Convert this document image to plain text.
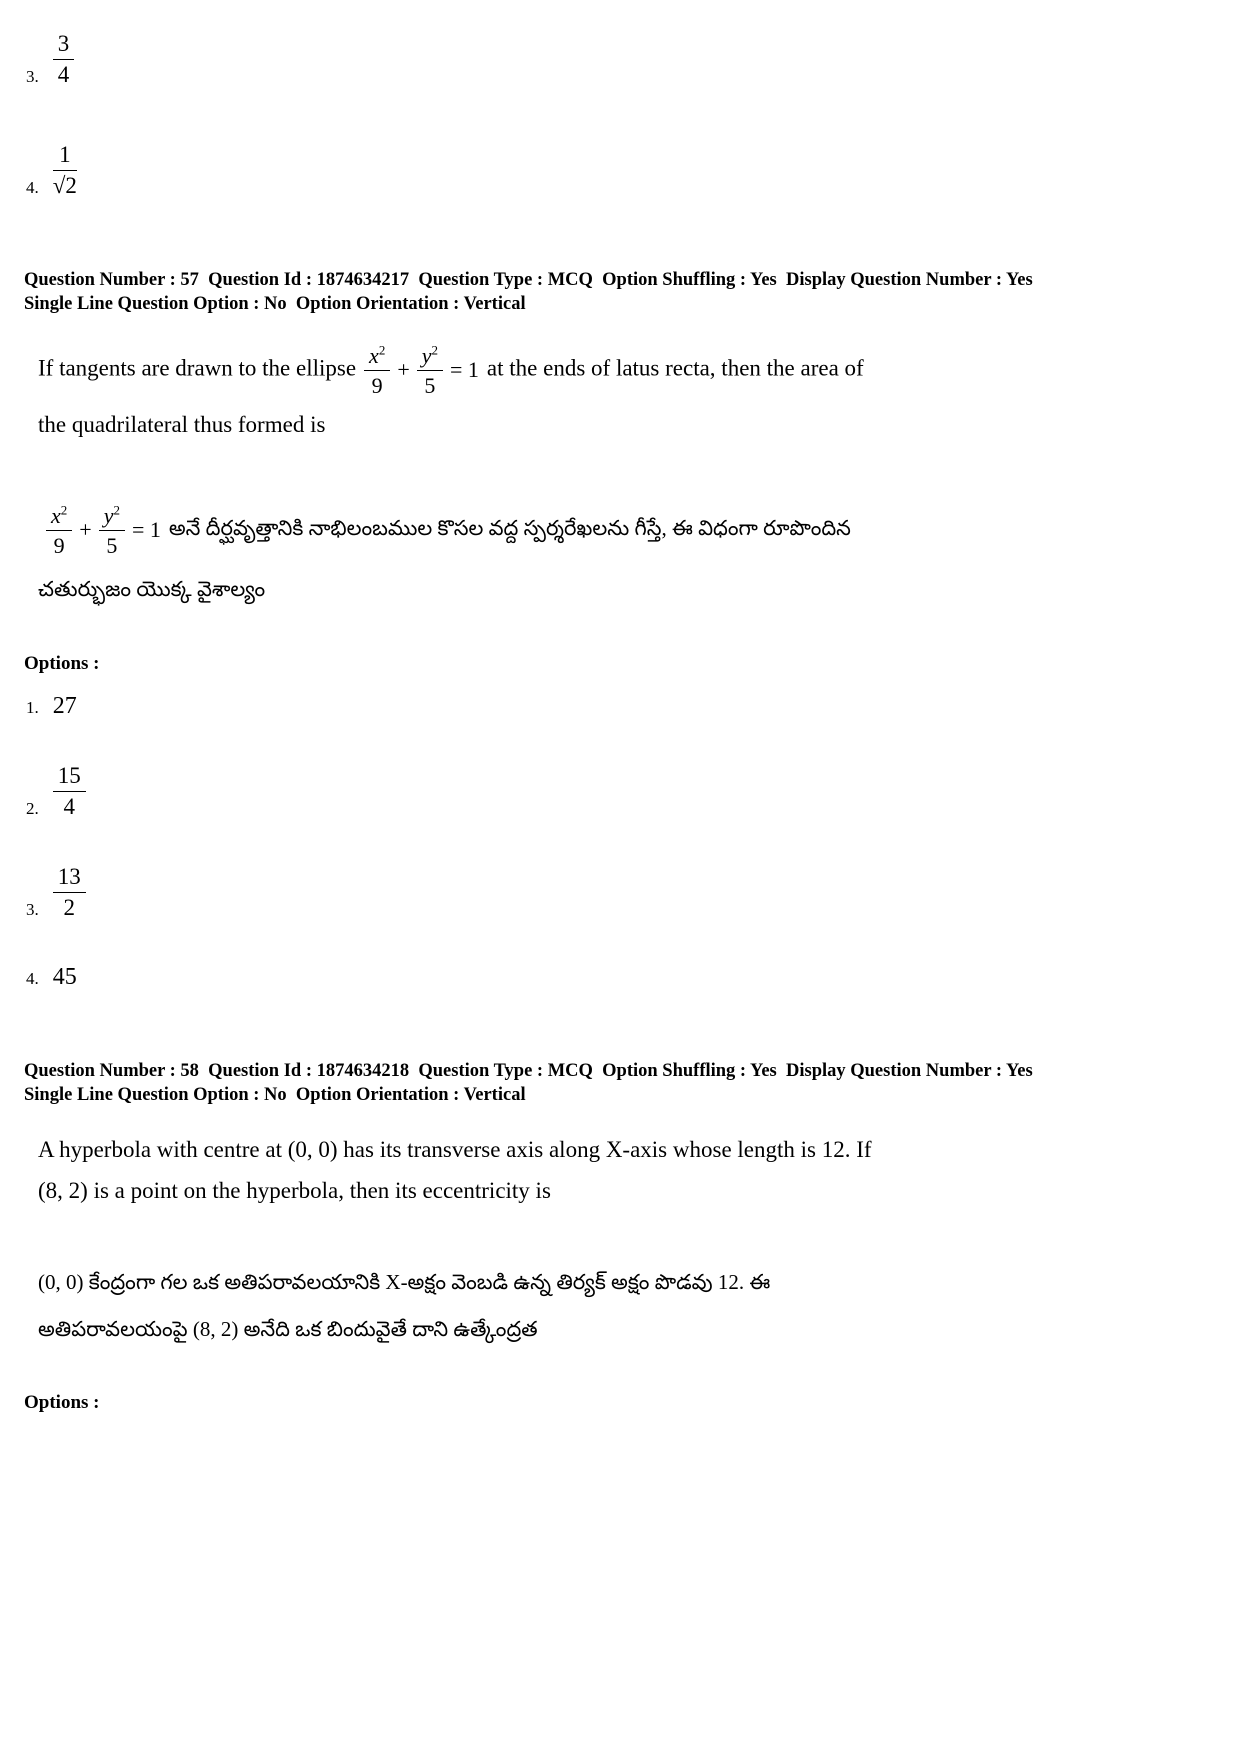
3. $\frac{3}{4}$
4. $\frac{1}{√2}$
Question Number : 57  Question Id : 1874634217  Question Type : MCQ  Option Shuffling : Yes  Display Question Number : Yes
Single Line Question Option : No  Option Orientation : Vertical
If tangents are drawn to the ellipse $\frac{x^2}{9} + \frac{y^2}{5} = 1$ at the ends of latus recta, then the area of
the quadrilateral thus formed is
$\frac{x^2}{9} + \frac{y^2}{5} = 1$ అనే దీర్ఘవృత్తానికి నాభిలంబముల కొసల వద్ద స్పర్శరేఖలను గీస్తే, ఈ విధంగా రూపొందిన
చతుర్భుజం యొక్క వైశాల్యం
Options :
1. 27
2. $\frac{15}{4}$
3. $\frac{13}{2}$
4. 45
Question Number : 58  Question Id : 1874634218  Question Type : MCQ  Option Shuffling : Yes  Display Question Number : Yes
Single Line Question Option : No  Option Orientation : Vertical
A hyperbola with centre at (0, 0) has its transverse axis along X-axis whose length is 12. If
(8, 2) is a point on the hyperbola, then its eccentricity is
(0, 0) కేంద్రంగా గల ఒక అతిపరావలయానికి X-అక్షం వెంబడి ఉన్న తిర్యక్ అక్షం పొడవు 12. ఈ
అతిపరావలయంపై (8, 2) అనేది ఒక బిందువైతే దాని ఉత్కేంద్రత
Options :
